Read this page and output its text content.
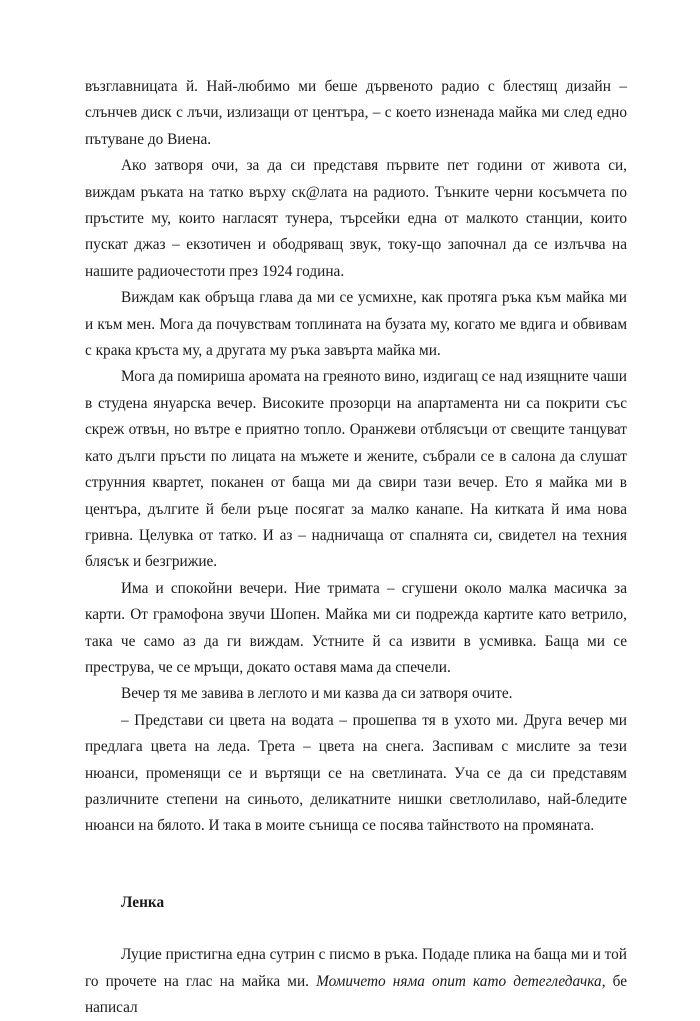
възглавницата й. Най-любимо ми беше дървеното радио с блестящ дизайн – слънчев диск с лъчи, излизащи от центъра, – с което изненада майка ми след едно пътуване до Виена.

Ако затворя очи, за да си представя първите пет години от живота си, виждам ръката на татко върху ск@лата на радиото. Тънките черни косъмчета по пръстите му, които нагласят тунера, търсейки една от малкото станции, които пускат джаз – екзотичен и ободряващ звук, току-що започнал да се излъчва на нашите радиочестоти през 1924 година.

Виждам как обръща глава да ми се усмихне, как протяга ръка към майка ми и към мен. Мога да почувствам топлината на бузата му, когато ме вдига и обвивам с крака кръста му, а другата му ръка завърта майка ми.

Мога да помириша аромата на греяното вино, издигащ се над изящните чаши в студена януарска вечер. Високите прозорци на апартамента ни са покрити със скреж отвън, но вътре е приятно топло. Оранжеви отблясъци от свещите танцуват като дълги пръсти по лицата на мъжете и жените, събрали се в салона да слушат струнния квартет, поканен от баща ми да свири тази вечер. Ето я майка ми в центъра, дългите й бели ръце посягат за малко канапе. На китката й има нова гривна. Целувка от татко. И аз – надничаща от спалнята си, свидетел на техния блясък и безгрижие.

Има и спокойни вечери. Ние тримата – сгушени около малка масичка за карти. От грамофона звучи Шопен. Майка ми си подрежда картите като ветрило, така че само аз да ги виждам. Устните й са извити в усмивка. Баща ми се преструва, че се мръщи, докато оставя мама да спечели.

Вечер тя ме завива в леглото и ми казва да си затворя очите.

– Представи си цвета на водата – прошепва тя в ухото ми. Друга вечер ми

предлага цвета на леда. Трета – цвета на снега. Заспивам с мислите за тези нюанси, променящи се и въртящи се на светлината. Уча се да си представям различните степени на синьото, деликатните нишки светлолилаво, най-бледите нюанси на бялото. И така в моите сънища се посява тайнството на промяната.

Ленка

Луцие пристигна една сутрин с писмо в ръка. Подаде плика на баща ми и той го прочете на глас на майка ми. Момичето няма опит като детегледачка, бе написал
